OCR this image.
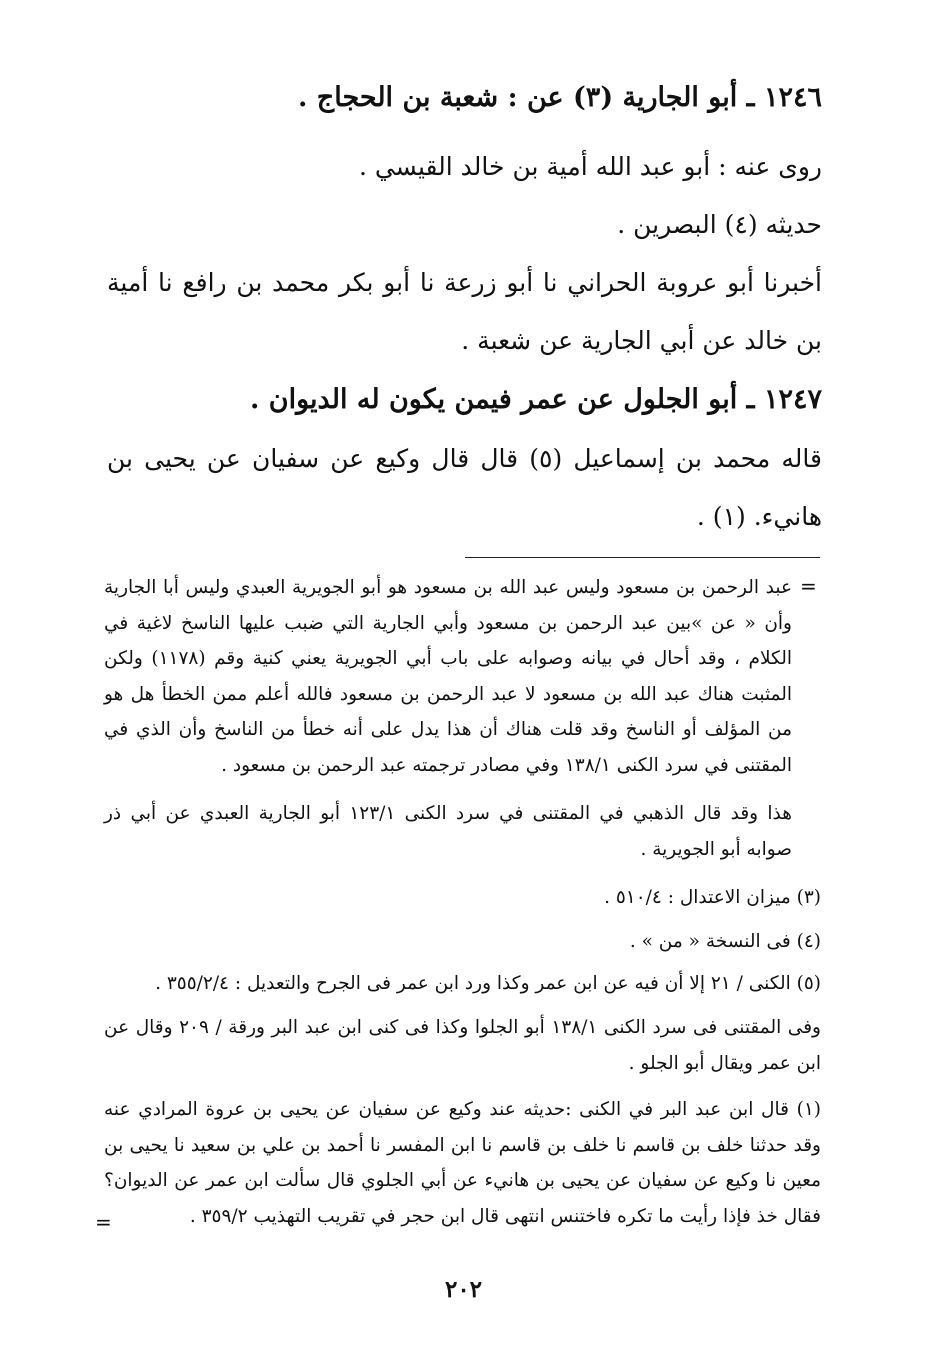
١٢٤٦ ـ أبو الجارية (٣) عن : شعبة بن الحجاج .
روى عنه : أبو عبد الله أمية بن خالد القيسي .
حديثه (٤) البصرين .
أخبرنا أبو عروبة الحراني نا أبو زرعة نا أبو بكر محمد بن رافع نا أمية بن خالد عن أبي الجارية عن شعبة .
١٢٤٧ ـ أبو الجلول عن عمر فيمن يكون له الديوان .
قاله محمد بن إسماعيل (٥) قال قال وكيع عن سفيان عن يحيى بن هانيء. (١) .
=
عبد الرحمن بن مسعود وليس عبد الله بن مسعود هو أبو الجويرية العبدي وليس أبا الجارية وأن « عن »بين عبد الرحمن بن مسعود وأبي الجارية التي ضبب عليها الناسخ لاغية في الكلام ، وقد أحال في بيانه وصوابه على باب أبي الجويرية يعني كنية وقم (١١٧٨) ولكن المثبت هناك عبد الله بن مسعود لا عبد الرحمن بن مسعود فالله أعلم ممن الخطأ هل هو من المؤلف أو الناسخ وقد قلت هناك أن هذا يدل على أنه خطأ من الناسخ وأن الذي في المقتنى في سرد الكنى ١٣٨/١ وفي مصادر ترجمته عبد الرحمن بن مسعود .
هذا وقد قال الذهبي في المقتنى في سرد الكنى ١٢٣/١ أبو الجارية العبدي عن أبي ذر صوابه أبو الجويرية .
(٣) ميزان الاعتدال : ٥١٠/٤ .
(٤) فى النسخة « من » .
(٥) الكنى / ٢١ إلا أن فيه عن ابن عمر وكذا ورد ابن عمر فى الجرح والتعديل : ٣٥٥/٢/٤ .
وفى المقتنى فى سرد الكنى ١٣٨/١ أبو الجلوا وكذا فى كنى ابن عبد البر ورقة / ٢٠٩ وقال عن ابن عمر ويقال أبو الجلو .
(١) قال ابن عبد البر في الكنى :حديثه عند وكيع عن سفيان عن يحيى بن عروة المرادي عنه وقد حدثنا خلف بن قاسم نا خلف بن قاسم نا ابن المفسر نا أحمد بن علي بن سعيد نا يحيى بن معين نا وكيع عن سفيان عن يحيى بن هانيء عن أبي الجلوي قال سألت ابن عمر عن الديوان؟ فقال خذ فإذا رأيت ما تكره فاختنس انتهى قال ابن حجر في تقريب التهذيب ٣٥٩/٢ .
=
٢٠٢
